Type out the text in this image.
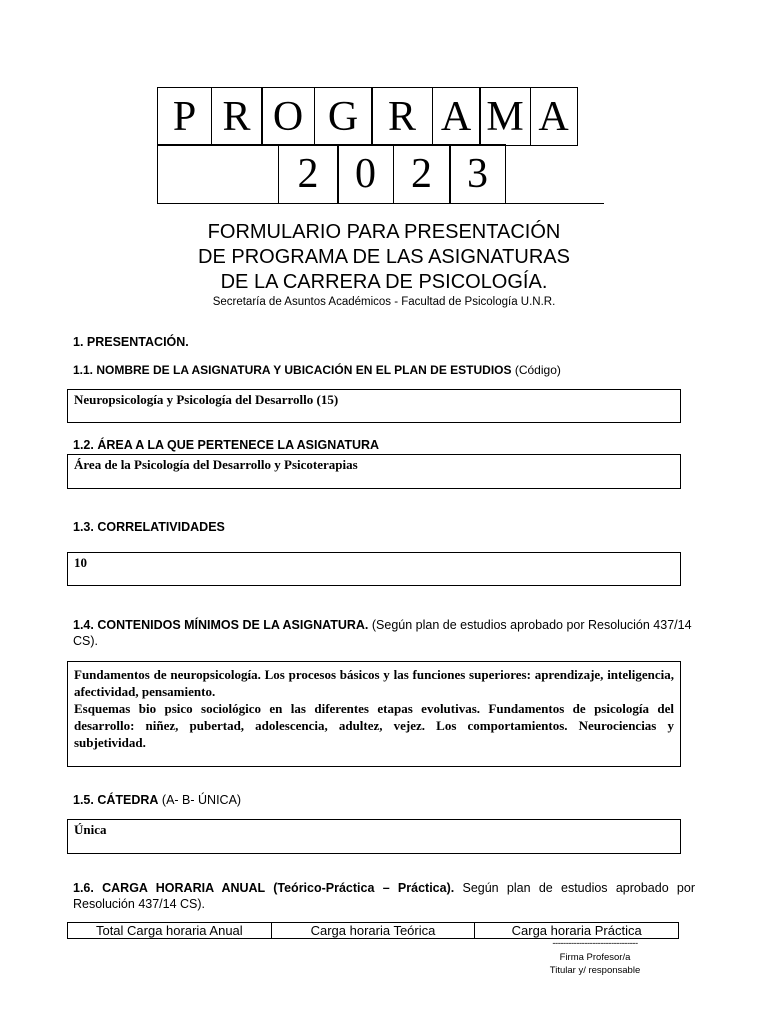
P R O G R A M A
2 0 2 3
FORMULARIO PARA PRESENTACIÓN
DE PROGRAMA DE LAS ASIGNATURAS
DE LA CARRERA DE PSICOLOGÍA.
Secretaría de Asuntos Académicos - Facultad de Psicología U.N.R.
1. PRESENTACIÓN.
1.1. NOMBRE DE LA ASIGNATURA Y UBICACIÓN EN EL PLAN DE ESTUDIOS (Código)
Neuropsicología y Psicología del Desarrollo (15)
1.2. ÁREA A LA QUE PERTENECE LA ASIGNATURA
Área de la Psicología del Desarrollo y Psicoterapias
1.3. CORRELATIVIDADES
10
1.4. CONTENIDOS MÍNIMOS DE LA ASIGNATURA. (Según plan de estudios aprobado por Resolución 437/14 CS).
Fundamentos de neuropsicología. Los procesos básicos y las funciones superiores: aprendizaje, inteligencia, afectividad, pensamiento.
Esquemas bio psico sociológico en las diferentes etapas evolutivas. Fundamentos de psicología del desarrollo: niñez, pubertad, adolescencia, adultez, vejez. Los comportamientos. Neurociencias y subjetividad.
1.5. CÁTEDRA (A- B- ÚNICA)
Única
1.6. CARGA HORARIA ANUAL (Teórico-Práctica – Práctica). Según plan de estudios aprobado por Resolución 437/14 CS).
Total Carga horaria Anual	Carga horaria Teórica	Carga horaria Práctica
--------------------------------
Firma Profesor/a
Titular y/ responsable
